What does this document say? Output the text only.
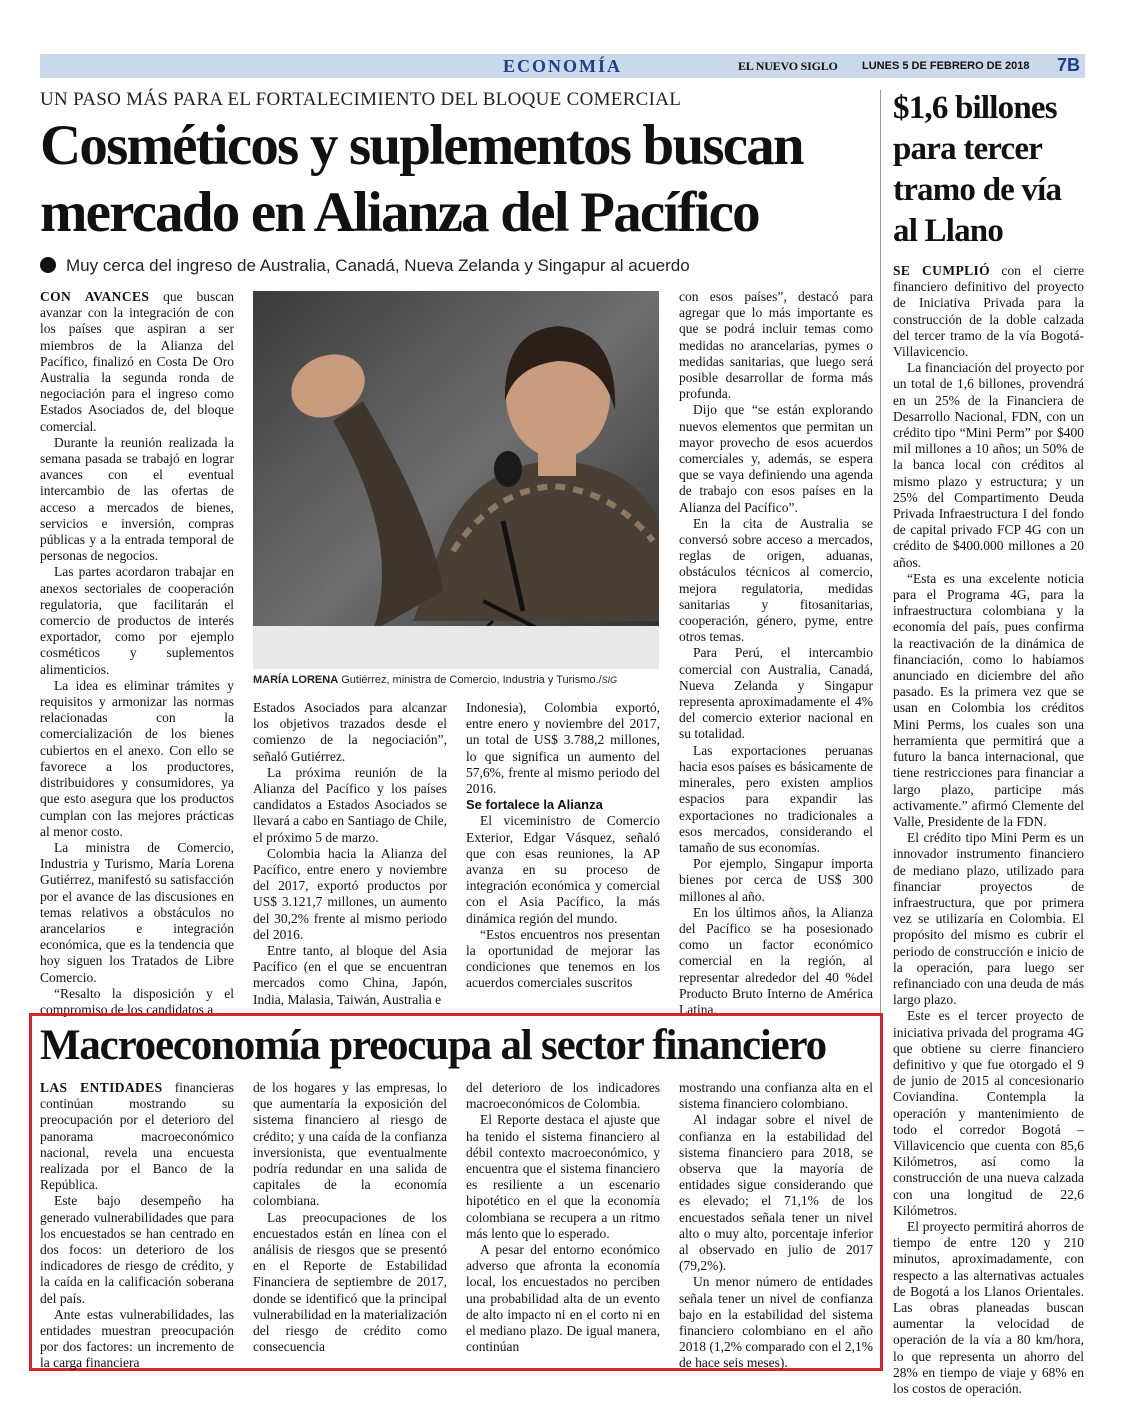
ECONOMÍA	EL NUEVO SIGLO LUNES 5 DE FEBRERO DE 2018 7B
UN PASO MÁS PARA EL FORTALECIMIENTO DEL BLOQUE COMERCIAL
Cosméticos y suplementos buscan mercado en Alianza del Pacífico
Muy cerca del ingreso de Australia, Canadá, Nueva Zelanda y Singapur al acuerdo

CON AVANCES que buscan avanzar con la integración de con los países que aspiran a ser miembros de la Alianza del Pacífico, finalizó en Costa De Oro Australia la segunda ronda de negociación para el ingreso como Estados Asociados de, del bloque comercial.

Durante la reunión realizada la semana pasada se trabajó en lograr avances con el eventual intercambio de las ofertas de acceso a mercados de bienes, servicios e inversión, compras públicas y a la entrada temporal de personas de negocios.

Las partes acordaron trabajar en anexos sectoriales de cooperación regulatoria, que facilitarán el comercio de productos de interés exportador, como por ejemplo cosméticos y suplementos alimenticios.

La idea es eliminar trámites y requisitos y armonizar las normas relacionadas con la comercialización de los bienes cubiertos en el anexo. Con ello se favorece a los productores, distribuidores y consumidores, ya que esto asegura que los productos cumplan con las mejores prácticas al menor costo.

La ministra de Comercio, Industria y Turismo, María Lorena Gutiérrez, manifestó su satisfacción por el avance de las discusiones en temas relativos a obstáculos no arancelarios e integración económica, que es la tendencia que hoy siguen los Tratados de Libre Comercio.

“Resalto la disposición y el compromiso de los candidatos a

MARÍA LORENA Gutiérrez, ministra de Comercio, Industria y Turismo./SIG

Estados Asociados para alcanzar los objetivos trazados desde el comienzo de la negociación”, señaló Gutiérrez.

La próxima reunión de la Alianza del Pacífico y los países candidatos a Estados Asociados se llevará a cabo en Santiago de Chile, el próximo 5 de marzo.

Colombia hacia la Alianza del Pacífico, entre enero y noviembre del 2017, exportó productos por US$ 3.121,7 millones, un aumento del 30,2% frente al mismo periodo del 2016.

Entre tanto, al bloque del Asia Pacífico (en el que se encuentran mercados como China, Japón, India, Malasia, Taiwán, Australia e

Indonesia), Colombia exportó, entre enero y noviembre del 2017, un total de US$ 3.788,2 millones, lo que significa un aumento del 57,6%, frente al mismo periodo del 2016.

Se fortalece la Alianza

El viceministro de Comercio Exterior, Edgar Vásquez, señaló que con esas reuniones, la AP avanza en su proceso de integración económica y comercial con el Asia Pacífico, la más dinámica región del mundo.

“Estos encuentros nos presentan la oportunidad de mejorar las condiciones que tenemos en los acuerdos comerciales suscritos

con esos países”, destacó para agregar que lo más importante es que se podrá incluir temas como medidas no arancelarias, pymes o medidas sanitarias, que luego será posible desarrollar de forma más profunda.

Dijo que “se están explorando nuevos elementos que permitan un mayor provecho de esos acuerdos comerciales y, además, se espera que se vaya definiendo una agenda de trabajo con esos países en la Alianza del Pacífico”.

En la cita de Australia se conversó sobre acceso a mercados, reglas de origen, aduanas, obstáculos técnicos al comercio, mejora regulatoria, medidas sanitarias y fitosanitarias, cooperación, género, pyme, entre otros temas.

Para Perú, el intercambio comercial con Australia, Canadá, Nueva Zelanda y Singapur representa aproximadamente el 4% del comercio exterior nacional en su totalidad.

Las exportaciones peruanas hacia esos países es básicamente de minerales, pero existen amplios espacios para expandir las exportaciones no tradicionales a esos mercados, considerando el tamaño de sus economías.

Por ejemplo, Singapur importa bienes por cerca de US$ 300 millones al año.

En los últimos años, la Alianza del Pacífico se ha posesionado como un factor económico comercial en la región, al representar alrededor del 40 %del Producto Bruto Interno de América Latina.

$1,6 billones para tercer tramo de vía al Llano

SE CUMPLIÓ con el cierre financiero definitivo del proyecto de Iniciativa Privada para la construcción de la doble calzada del tercer tramo de la vía Bogotá-Villavicencio.

La financiación del proyecto por un total de 1,6 billones, provendrá en un 25% de la Financiera de Desarrollo Nacional, FDN, con un crédito tipo “Mini Perm” por $400 mil millones a 10 años; un 50% de la banca local con créditos al mismo plazo y estructura; y un 25% del Compartimento Deuda Privada Infraestructura I del fondo de capital privado FCP 4G con un crédito de $400.000 millones a 20 años.

“Esta es una excelente noticia para el Programa 4G, para la infraestructura colombiana y la economía del país, pues confirma la reactivación de la dinámica de financiación, como lo habíamos anunciado en diciembre del año pasado. Es la primera vez que se usan en Colombia los créditos Mini Perms, los cuales son una herramienta que permitirá que a futuro la banca internacional, que tiene restricciones para financiar a largo plazo, participe más activamente.” afirmó Clemente del Valle, Presidente de la FDN.

El crédito tipo Mini Perm es un innovador instrumento financiero de mediano plazo, utilizado para financiar proyectos de infraestructura, que por primera vez se utilizaría en Colombia. El propósito del mismo es cubrir el periodo de construcción e inicio de la operación, para luego ser refinanciado con una deuda de más largo plazo.

Este es el tercer proyecto de iniciativa privada del programa 4G que obtiene su cierre financiero definitivo y que fue otorgado el 9 de junio de 2015 al concesionario Coviandina. Contempla la operación y mantenimiento de todo el corredor Bogotá – Villavicencio que cuenta con 85,6 Kilómetros, así como la construcción de una nueva calzada con una longitud de 22,6 Kilómetros.

El proyecto permitirá ahorros de tiempo de entre 120 y 210 minutos, aproximadamente, con respecto a las alternativas actuales de Bogotá a los Llanos Orientales. Las obras planeadas buscan aumentar la velocidad de operación de la vía a 80 km/hora, lo que representa un ahorro del 28% en tiempo de viaje y 68% en los costos de operación.

Macroeconomía preocupa al sector financiero

LAS ENTIDADES financieras continúan mostrando su preocupación por el deterioro del panorama macroeconómico nacional, revela una encuesta realizada por el Banco de la República.

Este bajo desempeño ha generado vulnerabilidades que para los encuestados se han centrado en dos focos: un deterioro de los indicadores de riesgo de crédito, y la caída en la calificación soberana del país.

Ante estas vulnerabilidades, las entidades muestran preocupación por dos factores: un incremento de la carga financiera

de los hogares y las empresas, lo que aumentaría la exposición del sistema financiero al riesgo de crédito; y una caída de la confianza inversionista, que eventualmente podría redundar en una salida de capitales de la economía colombiana.

Las preocupaciones de los encuestados están en línea con el análisis de riesgos que se presentó en el Reporte de Estabilidad Financiera de septiembre de 2017, donde se identificó que la principal vulnerabilidad en la materialización del riesgo de crédito como consecuencia

del deterioro de los indicadores macroeconómicos de Colombia.

El Reporte destaca el ajuste que ha tenido el sistema financiero al débil contexto macroeconómico, y encuentra que el sistema financiero es resiliente a un escenario hipotético en el que la economía colombiana se recupera a un ritmo más lento que lo esperado.

A pesar del entorno económico adverso que afronta la economía local, los encuestados no perciben una probabilidad alta de un evento de alto impacto ni en el corto ni en el mediano plazo. De igual manera, continúan

mostrando una confianza alta en el sistema financiero colombiano.

Al indagar sobre el nivel de confianza en la estabilidad del sistema financiero para 2018, se observa que la mayoría de entidades sigue considerando que es elevado; el 71,1% de los encuestados señala tener un nivel alto o muy alto, porcentaje inferior al observado en julio de 2017 (79,2%).

Un menor número de entidades señala tener un nivel de confianza bajo en la estabilidad del sistema financiero colombiano en el año 2018 (1,2% comparado con el 2,1% de hace seis meses).
